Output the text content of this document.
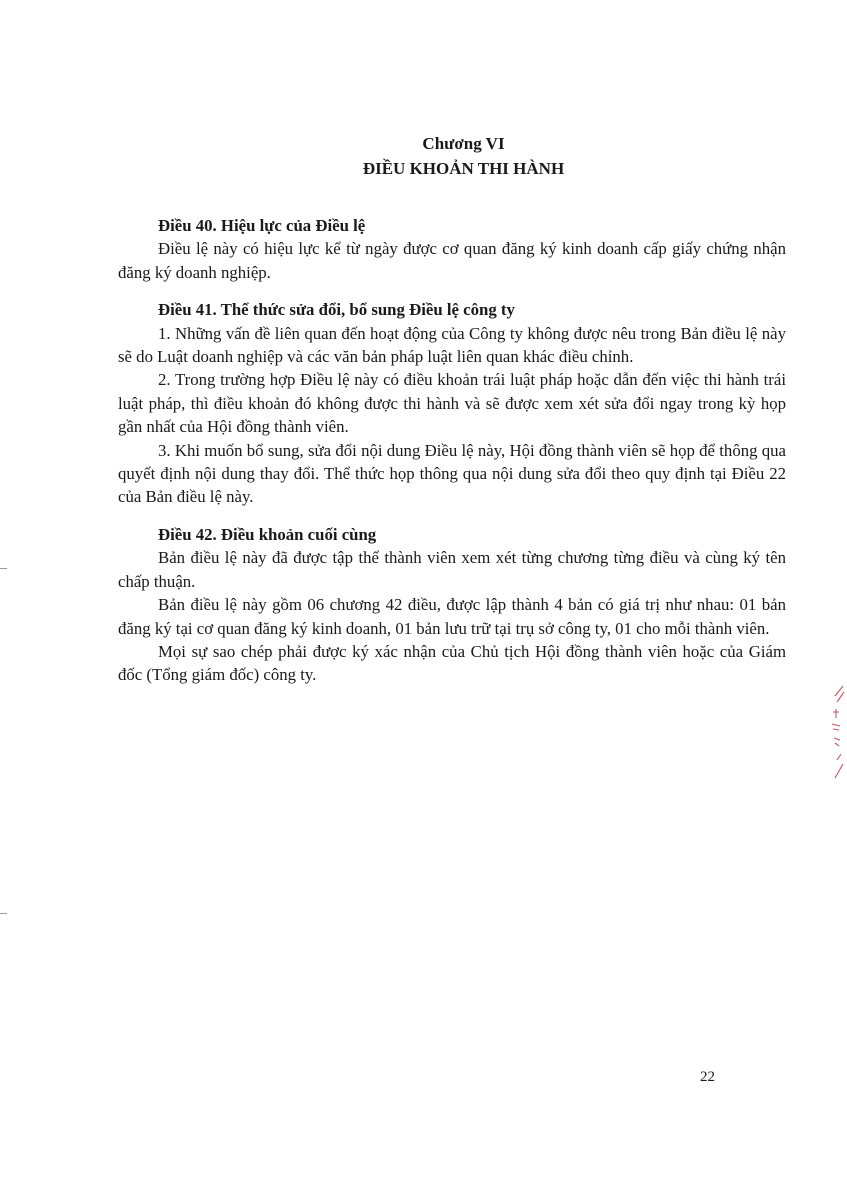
Chương VI
ĐIỀU KHOẢN THI HÀNH

Điều 40. Hiệu lực của Điều lệ

Điều lệ này có hiệu lực kể từ ngày được cơ quan đăng ký kinh doanh cấp giấy chứng nhận đăng ký doanh nghiệp.

Điều 41. Thể thức sửa đổi, bổ sung Điều lệ công ty

1. Những vấn đề liên quan đến hoạt động của Công ty không được nêu trong Bản điều lệ này sẽ do Luật doanh nghiệp và các văn bản pháp luật liên quan khác điều chỉnh.

2. Trong trường hợp Điều lệ này có điều khoản trái luật pháp hoặc dẫn đến việc thi hành trái luật pháp, thì điều khoản đó không được thi hành và sẽ được xem xét sửa đổi ngay trong kỳ họp gần nhất của Hội đồng thành viên.

3. Khi muốn bổ sung, sửa đổi nội dung Điều lệ này, Hội đồng thành viên sẽ họp để thông qua quyết định nội dung thay đổi. Thể thức họp thông qua nội dung sửa đổi theo quy định tại Điều 22 của Bản điều lệ này.

Điều 42. Điều khoản cuối cùng

Bản điều lệ này đã được tập thể thành viên xem xét từng chương từng điều và cùng ký tên chấp thuận.

Bản điều lệ này gồm 06 chương 42 điều, được lập thành 4 bản có giá trị như nhau: 01 bản đăng ký tại cơ quan đăng ký kinh doanh, 01 bản lưu trữ tại trụ sở công ty, 01 cho mỗi thành viên.

Mọi sự sao chép phải được ký xác nhận của Chủ tịch Hội đồng thành viên hoặc của Giám đốc (Tổng giám đốc) công ty.

22
